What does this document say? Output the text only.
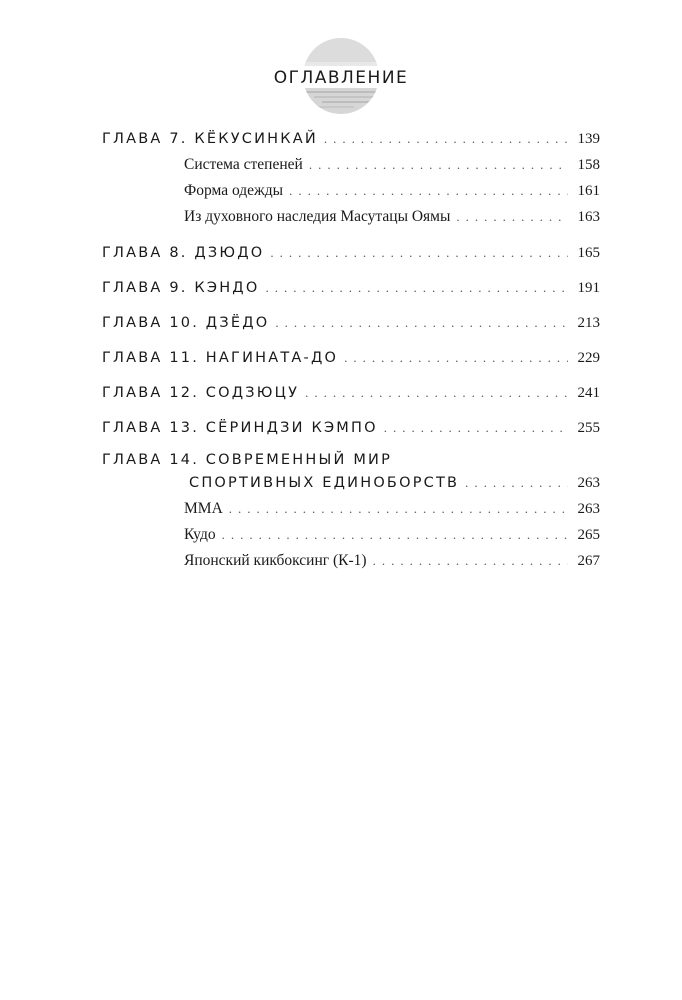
ОГЛАВЛЕНИЕ
ГЛАВА 7. КЁКУСИНКАЙ .....	139
Система степеней .....	158
Форма одежды .....	161
Из духовного наследия Масутацы Оямы .....	163
ГЛАВА 8. ДЗЮДО .....	165
ГЛАВА 9. КЭНДО .....	191
ГЛАВА 10. ДЗЁДО .....	213
ГЛАВА 11. НАГИНАТА-ДО .....	229
ГЛАВА 12. СОДЗЮЦУ .....	241
ГЛАВА 13. СЁРИНДЗИ КЭМПО .....	255
ГЛАВА 14. СОВРЕМЕННЫЙ МИР
СПОРТИВНЫХ ЕДИНОБОРСТВ .....	263
ММА .....	263
Кудо .....	265
Японский кикбоксинг (К-1) .....	267
